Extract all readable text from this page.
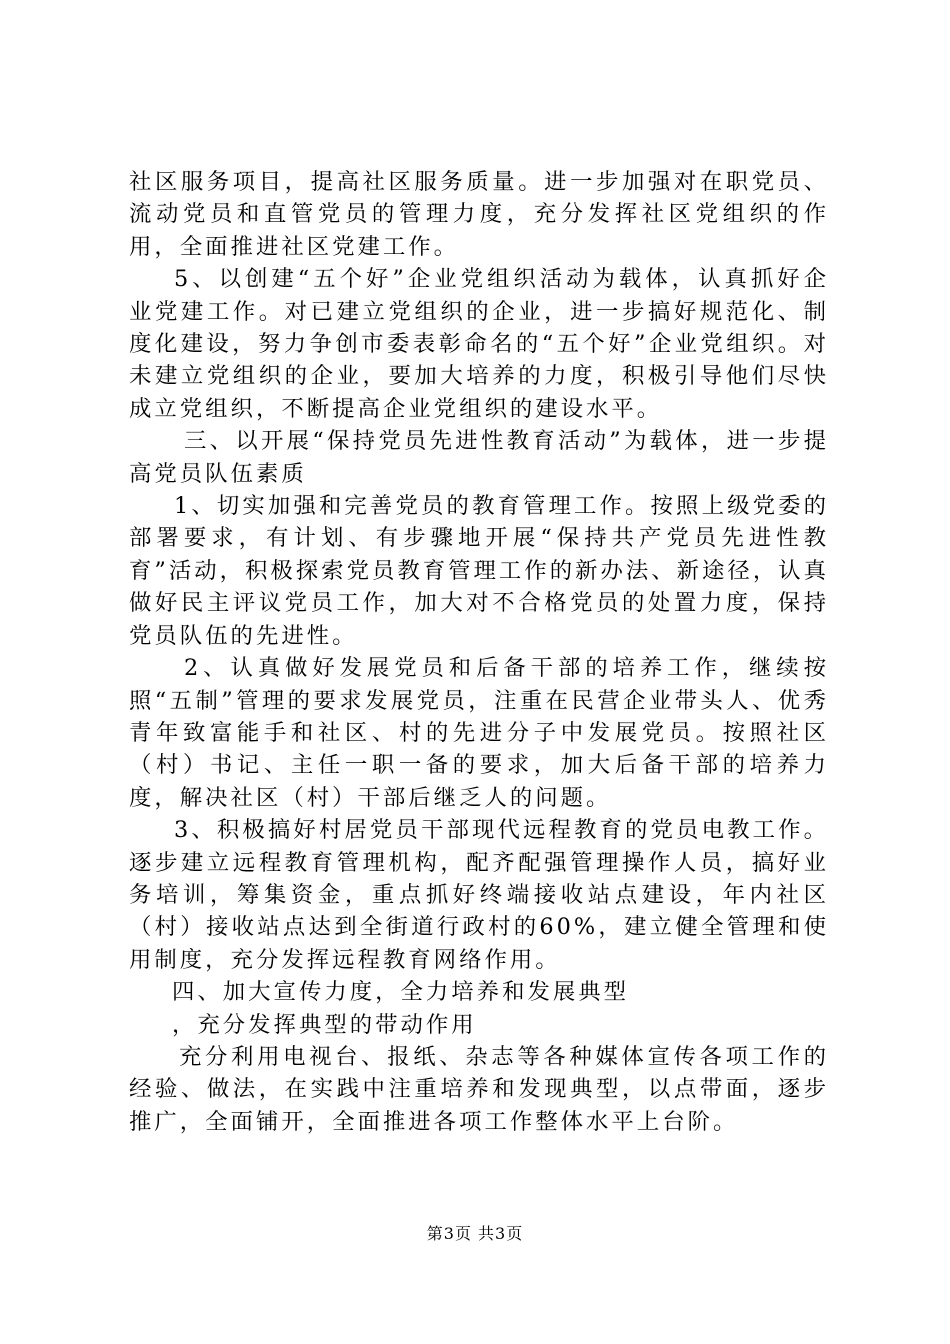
社区服务项目，提高社区服务质量。进一步加强对在职党员、流动党员和直管党员的管理力度，充分发挥社区党组织的作用，全面推进社区党建工作。

5、以创建“五个好”企业党组织活动为载体，认真抓好企业党建工作。对已建立党组织的企业，进一步搞好规范化、制度化建设，努力争创市委表彰命名的“五个好”企业党组织。对未建立党组织的企业，要加大培养的力度，积极引导他们尽快成立党组织，不断提高企业党组织的建设水平。

三、以开展“保持党员先进性教育活动”为载体，进一步提高党员队伍素质

1、切实加强和完善党员的教育管理工作。按照上级党委的部署要求，有计划、有步骤地开展“保持共产党员先进性教育”活动，积极探索党员教育管理工作的新办法、新途径，认真做好民主评议党员工作，加大对不合格党员的处置力度，保持党员队伍的先进性。

2、认真做好发展党员和后备干部的培养工作，继续按照“五制”管理的要求发展党员，注重在民营企业带头人、优秀青年致富能手和社区、村的先进分子中发展党员。按照社区（村）书记、主任一职一备的要求，加大后备干部的培养力度，解决社区（村）干部后继乏人的问题。

3、积极搞好村居党员干部现代远程教育的党员电教工作。逐步建立远程教育管理机构，配齐配强管理操作人员，搞好业务培训，筹集资金，重点抓好终端接收站点建设，年内社区（村）接收站点达到全街道行政村的60%，建立健全管理和使用制度，充分发挥远程教育网络作用。

四、加大宣传力度，全力培养和发展典型

，充分发挥典型的带动作用

充分利用电视台、报纸、杂志等各种媒体宣传各项工作的经验、做法，在实践中注重培养和发现典型，以点带面，逐步推广，全面铺开，全面推进各项工作整体水平上台阶。

第3页 共3页
